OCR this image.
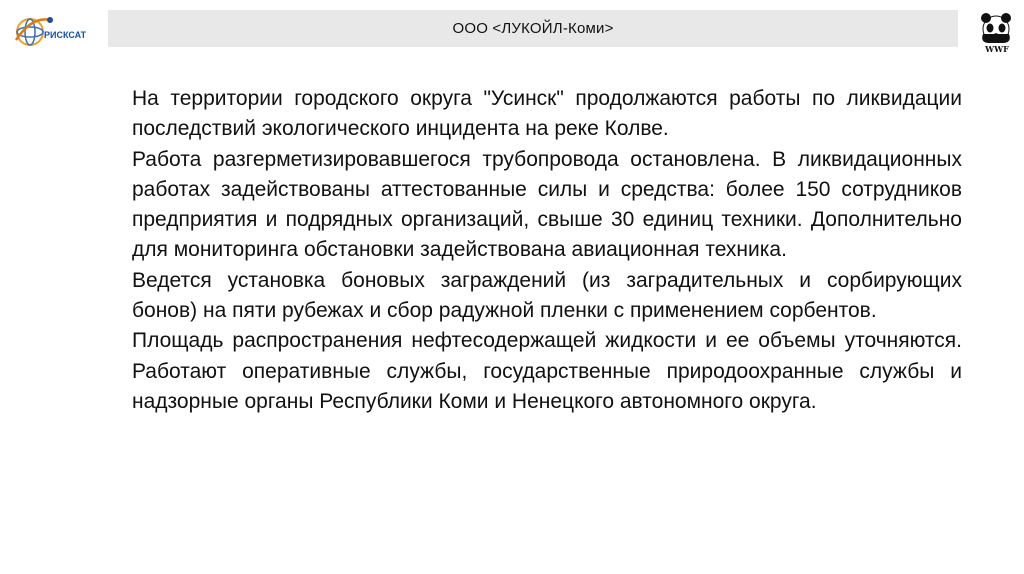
РИСКСАТ	ООО <ЛУКОЙЛ-Коми>
WWF

На территории городского округа "Усинск" продолжаются работы по ликвидации последствий экологического инцидента на реке Колве.

Работа разгерметизировавшегося трубопровода остановлена. В ликвидационных работах задействованы аттестованные силы и средства: более 150 сотрудников предприятия и подрядных организаций, свыше 30 единиц техники. Дополнительно для мониторинга обстановки задействована авиационная техника.

Ведется установка боновых заграждений (из заградительных и сорбирующих бонов) на пяти рубежах и сбор радужной пленки с применением сорбентов.

Площадь распространения нефтесодержащей жидкости и ее объемы уточняются. Работают оперативные службы, государственные природоохранные службы и надзорные органы Республики Коми и Ненецкого автономного округа.
